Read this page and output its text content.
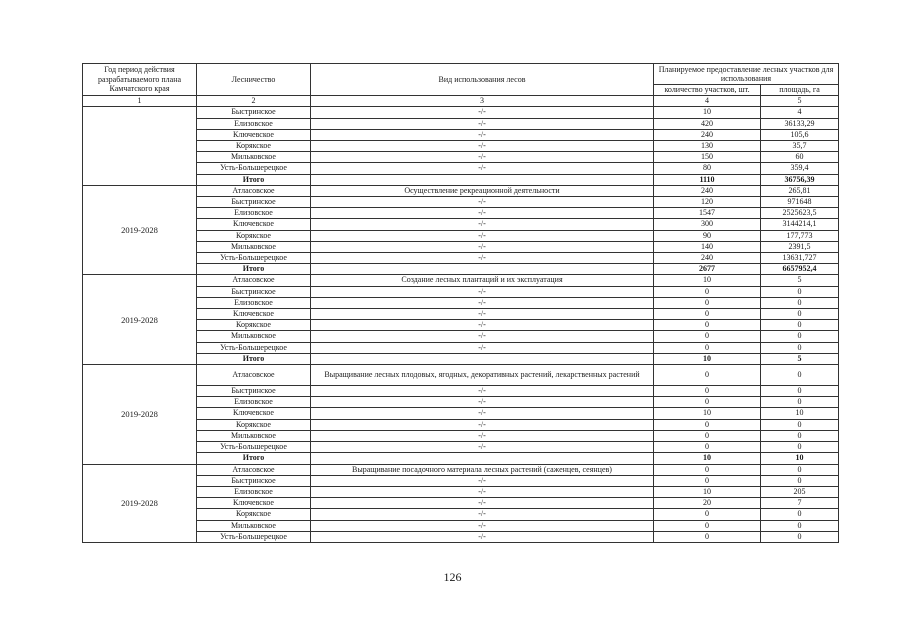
Год период действия разрабатываемого плана Камчатского края	Лесничество	Вид использования лесов	Планируемое предоставление лесных участков для использования	
			количество участков, шт.	площадь, га
1	2	3	4	5
	Быстринское	-/-	10	4
	Елизовское	-/-	420	36133,29
	Ключевское	-/-	240	105,6
	Корякское	-/-	130	35,7
	Мильковское	-/-	150	60
	Усть-Большерецкое	-/-	80	359,4
	Итого		1110	36756,39
2019-2028	Атласовское	Осуществление рекреационной деятельности	240	265,81
	Быстринское	-/-	120	971648
	Елизовское	-/-	1547	2525623,5
	Ключевское	-/-	300	3144214,1
	Корякское	-/-	90	177,773
	Мильковское	-/-	140	2391,5
	Усть-Большерецкое	-/-	240	13631,727
	Итого		2677	6657952,4
2019-2028	Атласовское	Создание лесных плантаций и их эксплуатация	10	5
	Быстринское	-/-	0	0
	Елизовское	-/-	0	0
	Ключевское	-/-	0	0
	Корякское	-/-	0	0
	Мильковское	-/-	0	0
	Усть-Большерецкое	-/-	0	0
	Итого		10	5
2019-2028	Атласовское	Выращивание лесных плодовых, ягодных, декоративных растений, лекарственных растений	0	0
	Быстринское	-/-	0	0
	Елизовское	-/-	0	0
	Ключевское	-/-	10	10
	Корякское	-/-	0	0
	Мильковское	-/-	0	0
	Усть-Большерецкое	-/-	0	0
	Итого		10	10
2019-2028	Атласовское	Выращивание посадочного материала лесных растений (саженцев, сеянцев)	0	0
	Быстринское	-/-	0	0
	Елизовское	-/-	10	205
	Ключевское	-/-	20	7
	Корякское	-/-	0	0
	Мильковское	-/-	0	0
	Усть-Большерецкое	-/-	0	0
126
